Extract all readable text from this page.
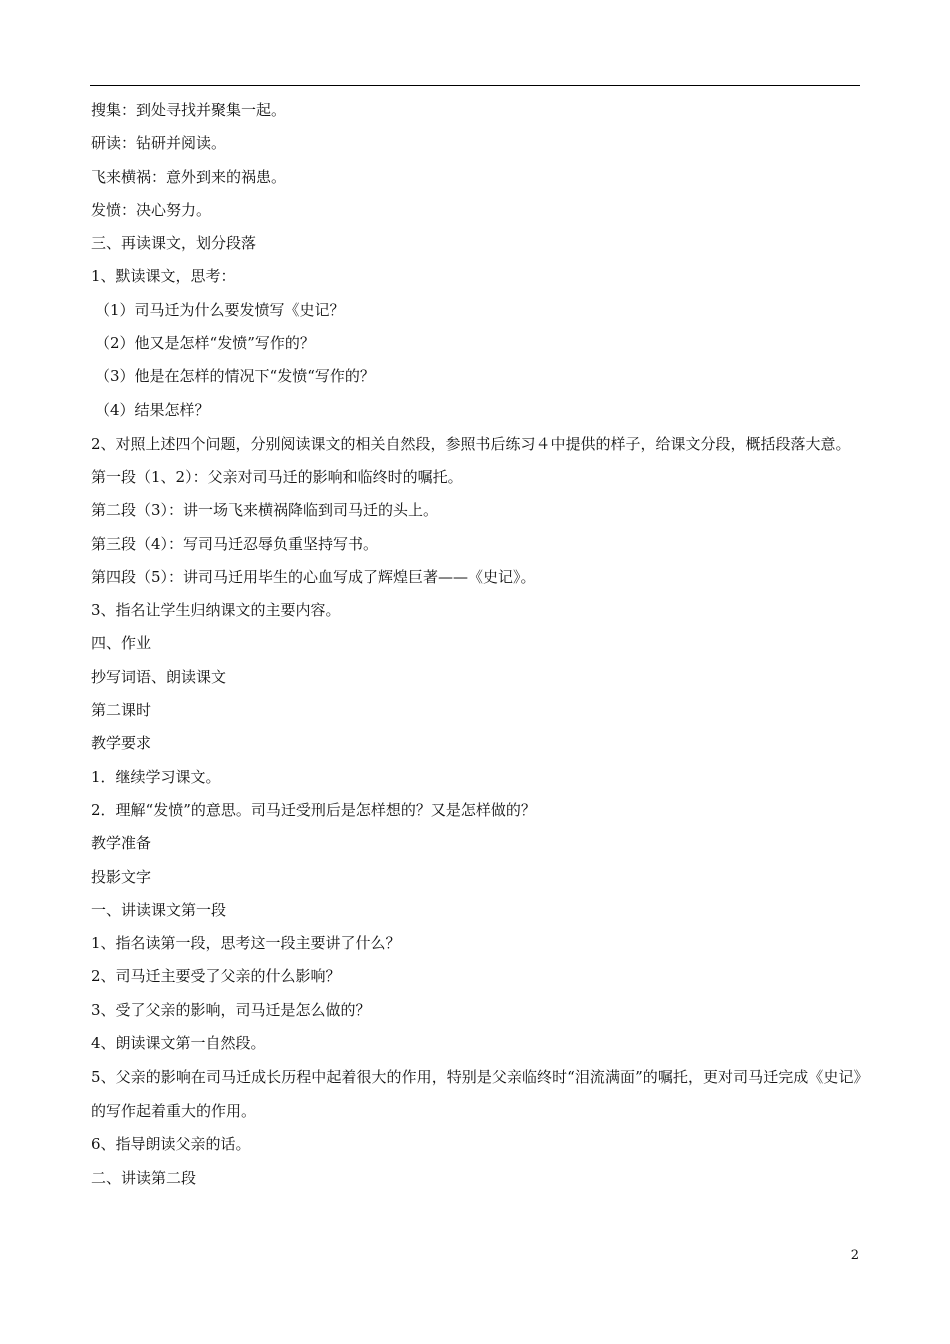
搜集：到处寻找并聚集一起。
研读：钻研并阅读。
飞来横祸：意外到来的祸患。
发愤：决心努力。
三、再读课文，划分段落
1、默读课文，思考：
（1）司马迁为什么要发愤写《史记？
（2）他又是怎样“发愤”写作的？
（3）他是在怎样的情况下“发愤“写作的？
（4）结果怎样？
2、对照上述四个问题，分别阅读课文的相关自然段，参照书后练习４中提供的样子，给课文分段，概括段落大意。
第一段（1、2）：父亲对司马迁的影响和临终时的嘱托。
第二段（3）：讲一场飞来横祸降临到司马迁的头上。
第三段（4）：写司马迁忍辱负重坚持写书。
第四段（5）：讲司马迁用毕生的心血写成了辉煌巨著——《史记》。
3、指名让学生归纳课文的主要内容。
四、作业
抄写词语、朗读课文
第二课时
教学要求
1．继续学习课文。
2．理解“发愤”的意思。司马迁受刑后是怎样想的？又是怎样做的？
教学准备
投影文字
一、讲读课文第一段
1、指名读第一段，思考这一段主要讲了什么？
2、司马迁主要受了父亲的什么影响？
3、受了父亲的影响，司马迁是怎么做的？
4、朗读课文第一自然段。
5、父亲的影响在司马迁成长历程中起着很大的作用，特别是父亲临终时“泪流满面”的嘱托，更对司马迁完成《史记》的写作起着重大的作用。
6、指导朗读父亲的话。
二、讲读第二段
2
